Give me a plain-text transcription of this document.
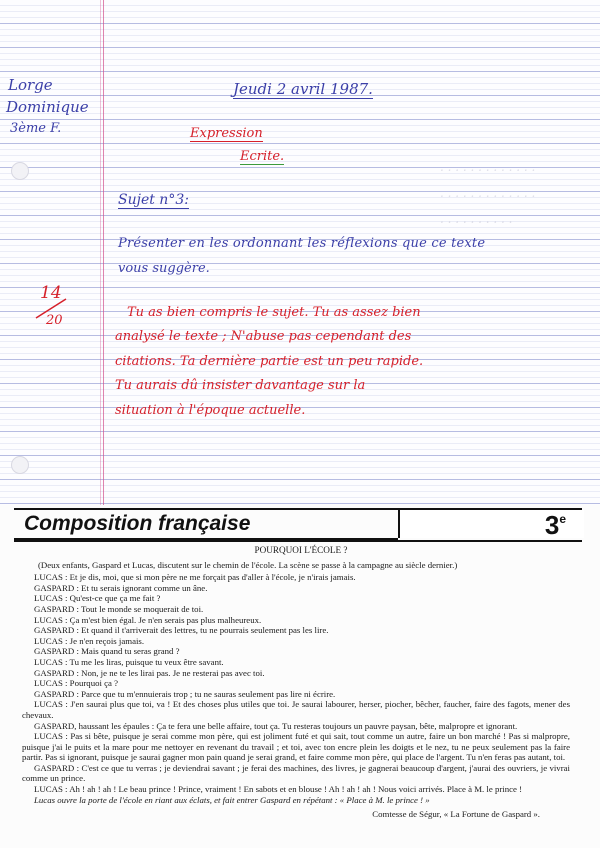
. . . . . . . . . . . . .
. . . . . . . . . . . . .
. . . . . . . . . .
Lorge
Dominique
3ème F.
Jeudi 2 avril 1987.
Expression
Ecrite.
Sujet n°3:
Présenter en les ordonnant les réflexions que ce texte
vous suggère.
14
20
Tu as bien compris le sujet. Tu as assez bien
analysé le texte ; N'abuse pas cependant des
citations. Ta dernière partie est un peu rapide.
Tu aurais dû insister davantage sur la
situation à l'époque actuelle.
Composition française	3e

POURQUOI L'ÉCOLE ?

(Deux enfants, Gaspard et Lucas, discutent sur le chemin de l'école. La scène se passe à la campagne au siècle dernier.)

LUCAS : Et je dis, moi, que si mon père ne me forçait pas d'aller à l'école, je n'irais jamais.

GASPARD : Et tu serais ignorant comme un âne.

LUCAS : Qu'est-ce que ça me fait ?

GASPARD : Tout le monde se moquerait de toi.

LUCAS : Ça m'est bien égal. Je n'en serais pas plus malheureux.

GASPARD : Et quand il t'arriverait des lettres, tu ne pourrais seulement pas les lire.

LUCAS : Je n'en reçois jamais.

GASPARD : Mais quand tu seras grand ?

LUCAS : Tu me les liras, puisque tu veux être savant.

GASPARD : Non, je ne te les lirai pas. Je ne resterai pas avec toi.

LUCAS : Pourquoi ça ?

GASPARD : Parce que tu m'ennuierais trop ; tu ne sauras seulement pas lire ni écrire.

LUCAS : J'en saurai plus que toi, va ! Et des choses plus utiles que toi. Je saurai labourer, herser, piocher, bêcher, faucher, faire des fagots, mener des chevaux.

GASPARD, haussant les épaules : Ça te fera une belle affaire, tout ça. Tu resteras toujours un pauvre paysan, bête, malpropre et ignorant.

LUCAS : Pas si bête, puisque je serai comme mon père, qui est joliment futé et qui sait, tout comme un autre, faire un bon marché ! Pas si malpropre, puisque j'ai le puits et la mare pour me nettoyer en revenant du travail ; et toi, avec ton encre plein les doigts et le nez, tu ne peux seulement pas la faire partir. Pas si ignorant, puisque je saurai gagner mon pain quand je serai grand, et faire comme mon père, qui place de l'argent. Tu n'en feras pas autant, toi.

GASPARD : C'est ce que tu verras ; je deviendrai savant ; je ferai des machines, des livres, je gagnerai beaucoup d'argent, j'aurai des ouvriers, je vivrai comme un prince.

LUCAS : Ah ! ah ! ah ! Le beau prince ! Prince, vraiment ! En sabots et en blouse ! Ah ! ah ! ah ! Nous voici arrivés. Place à M. le prince !

Lucas ouvre la porte de l'école en riant aux éclats, et fait entrer Gaspard en répétant : « Place à M. le prince ! »

Comtesse de Ségur, « La Fortune de Gaspard ».
